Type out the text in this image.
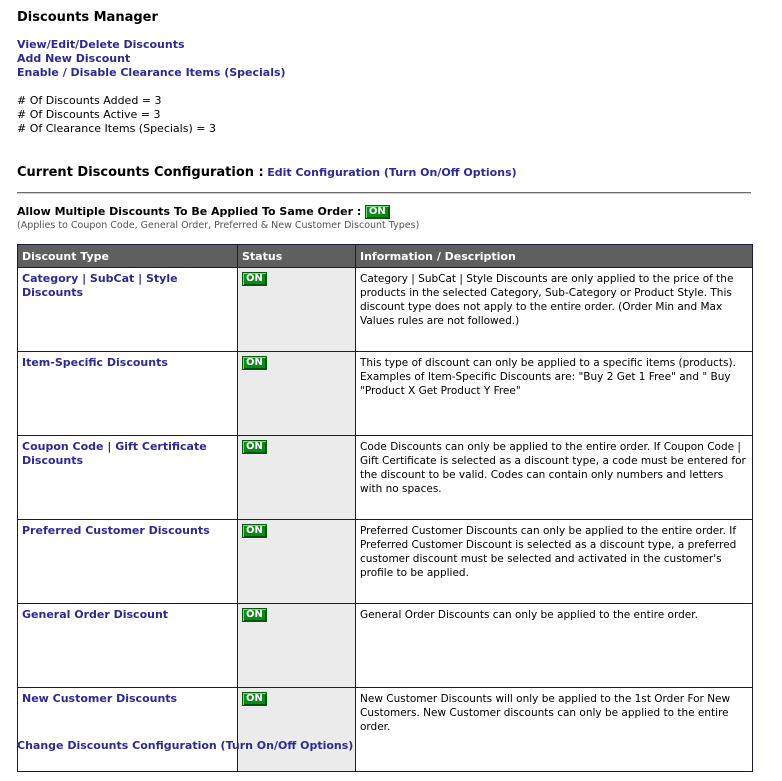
Discounts Manager
View/Edit/Delete Discounts
Add New Discount
Enable / Disable Clearance Items (Specials)
# Of Discounts Added = 3
# Of Discounts Active = 3
# Of Clearance Items (Specials) = 3
Current Discounts Configuration : Edit Configuration (Turn On/Off Options)
Allow Multiple Discounts To Be Applied To Same Order : ON
(Applies to Coupon Code, General Order, Preferred & New Customer Discount Types)
Discount Type	Status	Information / Description
Category | SubCat | Style Discounts	ON	Category | SubCat | Style Discounts are only applied to the price of the products in the selected Category, Sub-Category or Product Style. This discount type does not apply to the entire order. (Order Min and Max Values rules are not followed.)
Item-Specific Discounts	ON	This type of discount can only be applied to a specific items (products). Examples of Item-Specific Discounts are: "Buy 2 Get 1 Free" and " Buy "Product X Get Product Y Free"
Coupon Code | Gift Certificate Discounts	ON	Code Discounts can only be applied to the entire order. If Coupon Code | Gift Certificate is selected as a discount type, a code must be entered for the discount to be valid. Codes can contain only numbers and letters with no spaces.
Preferred Customer Discounts	ON	Preferred Customer Discounts can only be applied to the entire order. If Preferred Customer Discount is selected as a discount type, a preferred customer discount must be selected and activated in the customer's profile to be applied.
General Order Discount	ON	General Order Discounts can only be applied to the entire order.
New Customer Discounts	ON	New Customer Discounts will only be applied to the 1st Order For New Customers. New Customer discounts can only be applied to the entire order.
Change Discounts Configuration (Turn On/Off Options)
